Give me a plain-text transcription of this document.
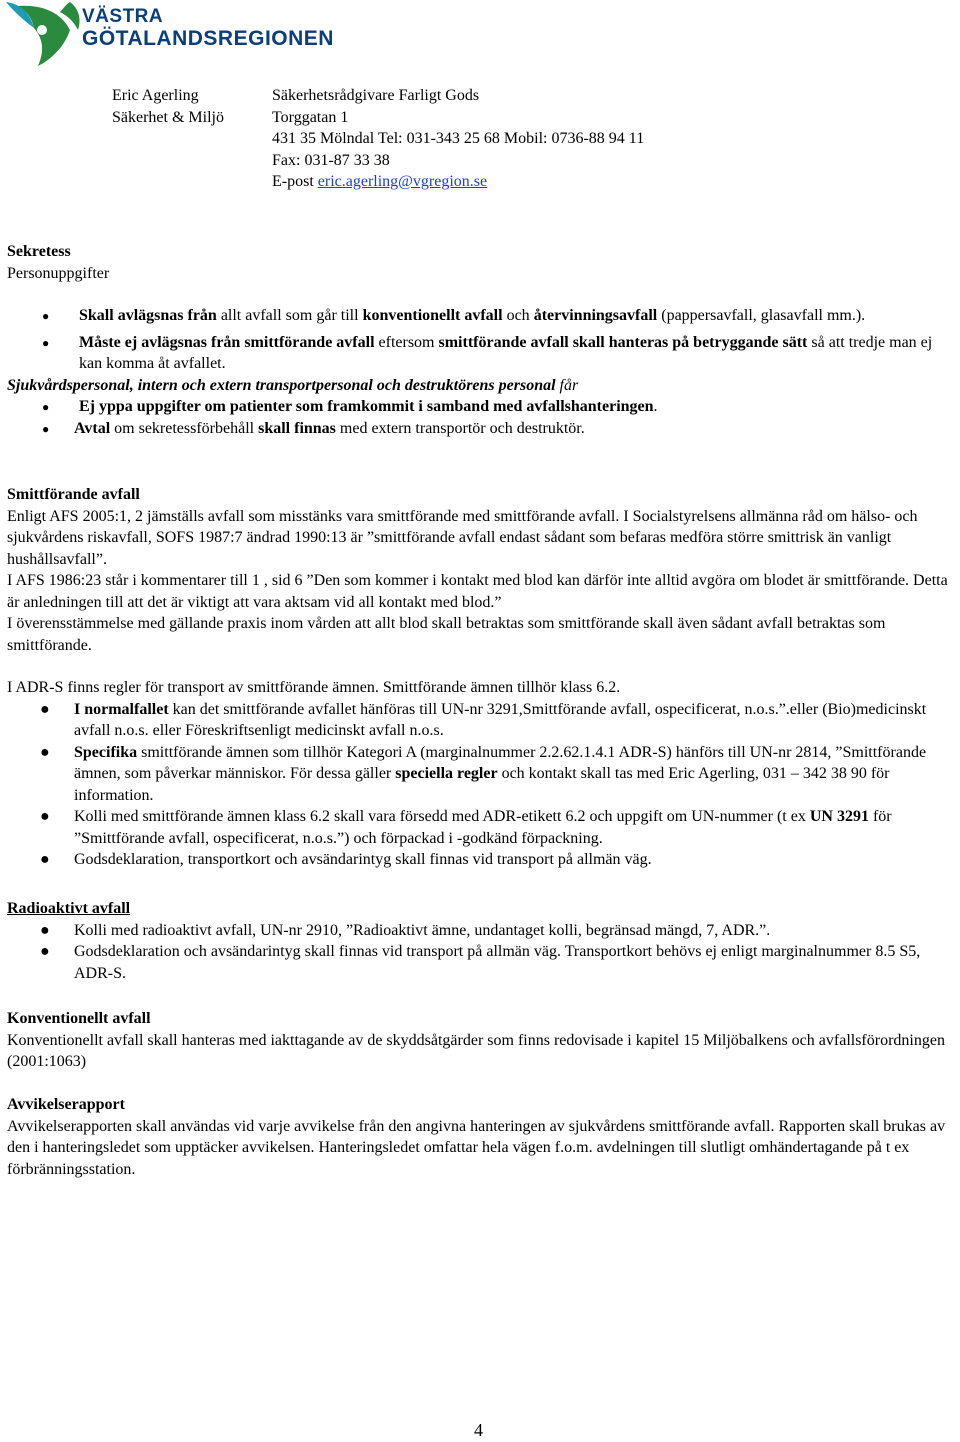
VÄSTRA
GÖTALANDSREGIONEN
Eric Agerling	Säkerhetsrådgivare Farligt Gods
Säkerhet & Miljö	Torggatan 1
431 35 Mölndal Tel: 031-343 25 68 Mobil: 0736-88 94 11
Fax: 031-87 33 38
E-post eric.agerling@vgregion.se

Sekretess

Personuppgifter

● Skall avlägsnas från allt avfall som går till konventionellt avfall och återvinningsavfall (pappersavfall, glasavfall mm.).
● Måste ej avlägsnas från smittförande avfall eftersom smittförande avfall skall hanteras på betryggande sätt så att tredje man ej kan komma åt avfallet.

Sjukvårdspersonal, intern och extern transportpersonal och destruktörens personal får

● Ej yppa uppgifter om patienter som framkommit i samband med avfallshanteringen.
● Avtal om sekretessförbehåll skall finnas med extern transportör och destruktör.

Smittförande avfall

Enligt AFS 2005:1, 2 jämställs avfall som misstänks vara smittförande med smittförande avfall. I Socialstyrelsens allmänna råd om hälso- och sjukvårdens riskavfall, SOFS 1987:7 ändrad 1990:13 är ”smittförande avfall endast sådant som befaras medföra större smittrisk än vanligt hushållsavfall”.

I AFS 1986:23 står i kommentarer till 1 , sid 6 ”Den som kommer i kontakt med blod kan därför inte alltid avgöra om blodet är smittförande. Detta är anledningen till att det är viktigt att vara aktsam vid all kontakt med blod.”

I överensstämmelse med gällande praxis inom vården att allt blod skall betraktas som smittförande skall även sådant avfall betraktas som smittförande.

I ADR-S finns regler för transport av smittförande ämnen. Smittförande ämnen tillhör klass 6.2.

● I normalfallet kan det smittförande avfallet hänföras till UN-nr 3291,Smittförande avfall, ospecificerat, n.o.s.”.eller (Bio)medicinskt avfall n.o.s. eller Föreskriftsenligt medicinskt avfall n.o.s.
● Specifika smittförande ämnen som tillhör Kategori A (marginalnummer 2.2.62.1.4.1 ADR-S) hänförs till UN-nr 2814, ”Smittförande ämnen, som påverkar människor. För dessa gäller speciella regler och kontakt skall tas med Eric Agerling, 031 – 342 38 90 för information.
● Kolli med smittförande ämnen klass 6.2 skall vara försedd med ADR-etikett 6.2 och uppgift om UN-nummer (t ex UN 3291 för ”Smittförande avfall, ospecificerat, n.o.s.”) och förpackad i -godkänd förpackning.
● Godsdeklaration, transportkort och avsändarintyg skall finnas vid transport på allmän väg.

Radioaktivt avfall

● Kolli med radioaktivt avfall, UN-nr 2910, ”Radioaktivt ämne, undantaget kolli, begränsad mängd, 7, ADR.”.
● Godsdeklaration och avsändarintyg skall finnas vid transport på allmän väg. Transportkort behövs ej enligt marginalnummer 8.5 S5, ADR-S.

Konventionellt avfall

Konventionellt avfall skall hanteras med iakttagande av de skyddsåtgärder som finns redovisade i kapitel 15 Miljöbalkens och avfallsförordningen (2001:1063)

Avvikelserapport

Avvikelserapporten skall användas vid varje avvikelse från den angivna hanteringen av sjukvårdens smittförande avfall. Rapporten skall brukas av den i hanteringsledet som upptäcker avvikelsen. Hanteringsledet omfattar hela vägen f.o.m. avdelningen till slutligt omhändertagande på t ex förbränningsstation.

4
